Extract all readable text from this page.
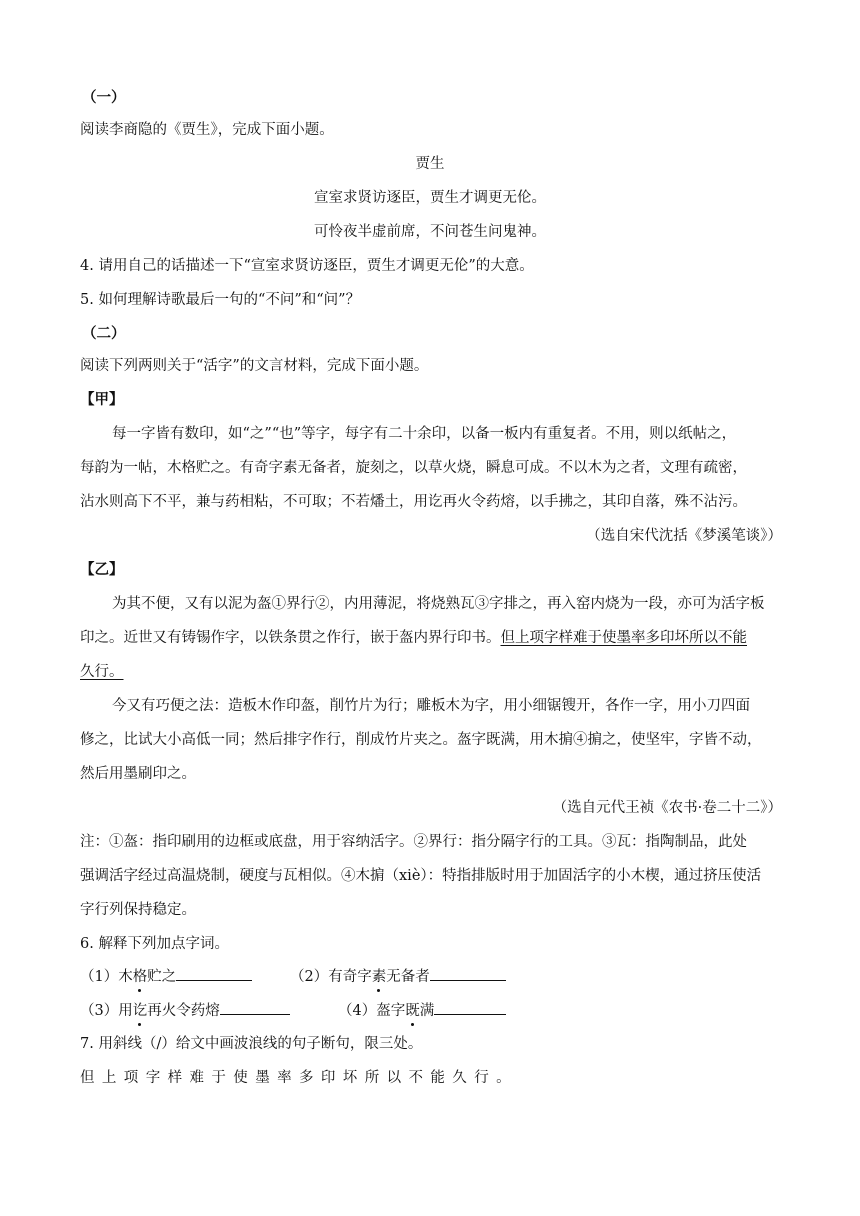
（一）
阅读李商隐的《贾生》，完成下面小题。
贾生
宣室求贤访逐臣，贾生才调更无伦。
可怜夜半虚前席，不问苍生问鬼神。
4. 请用自己的话描述一下“宣室求贤访逐臣，贾生才调更无伦”的大意。
5. 如何理解诗歌最后一句的“不问”和“问”？
（二）
阅读下列两则关于“活字”的文言材料，完成下面小题。
【甲】
每一字皆有数印，如“之”“也”等字，每字有二十余印，以备一板内有重复者。不用，则以纸帖之，
每韵为一帖，木格贮之。有奇字素无备者，旋刻之，以草火烧，瞬息可成。不以木为之者，文理有疏密，
沾水则高下不平，兼与药相粘，不可取；不若燔土，用讫再火令药熔，以手拂之，其印自落，殊不沾污。
（选自宋代沈括《梦溪笔谈》）
【乙】
为其不便，又有以泥为盔①界行②，内用薄泥，将烧熟瓦③字排之，再入窑内烧为一段，亦可为活字板
印之。近世又有铸锡作字，以铁条贯之作行，嵌于盔内界行印书。但上项字样难于使墨率多印坏所以不能
久行。
今又有巧便之法：造板木作印盔，削竹片为行；雕板木为字，用小细锯锼开，各作一字，用小刀四面
修之，比试大小高低一同；然后排字作行，削成竹片夹之。盔字既满，用木掮④掮之，使坚牢，字皆不动，
然后用墨刷印之。
（选自元代王祯《农书·卷二十二》）
注：①盔：指印刷用的边框或底盘，用于容纳活字。②界行：指分隔字行的工具。③瓦：指陶制品，此处
强调活字经过高温烧制，硬度与瓦相似。④木掮（xiè）：特指排版时用于加固活字的小木楔，通过挤压使活
字行列保持稳定。
6. 解释下列加点字词。
（1）木格贮之	（2）有奇字素无备者
（3）用讫再火令药熔	（4）盔字既满
7. 用斜线（/）给文中画波浪线的句子断句，限三处。
但上项字样难于使墨率多印坏所以不能久行。
